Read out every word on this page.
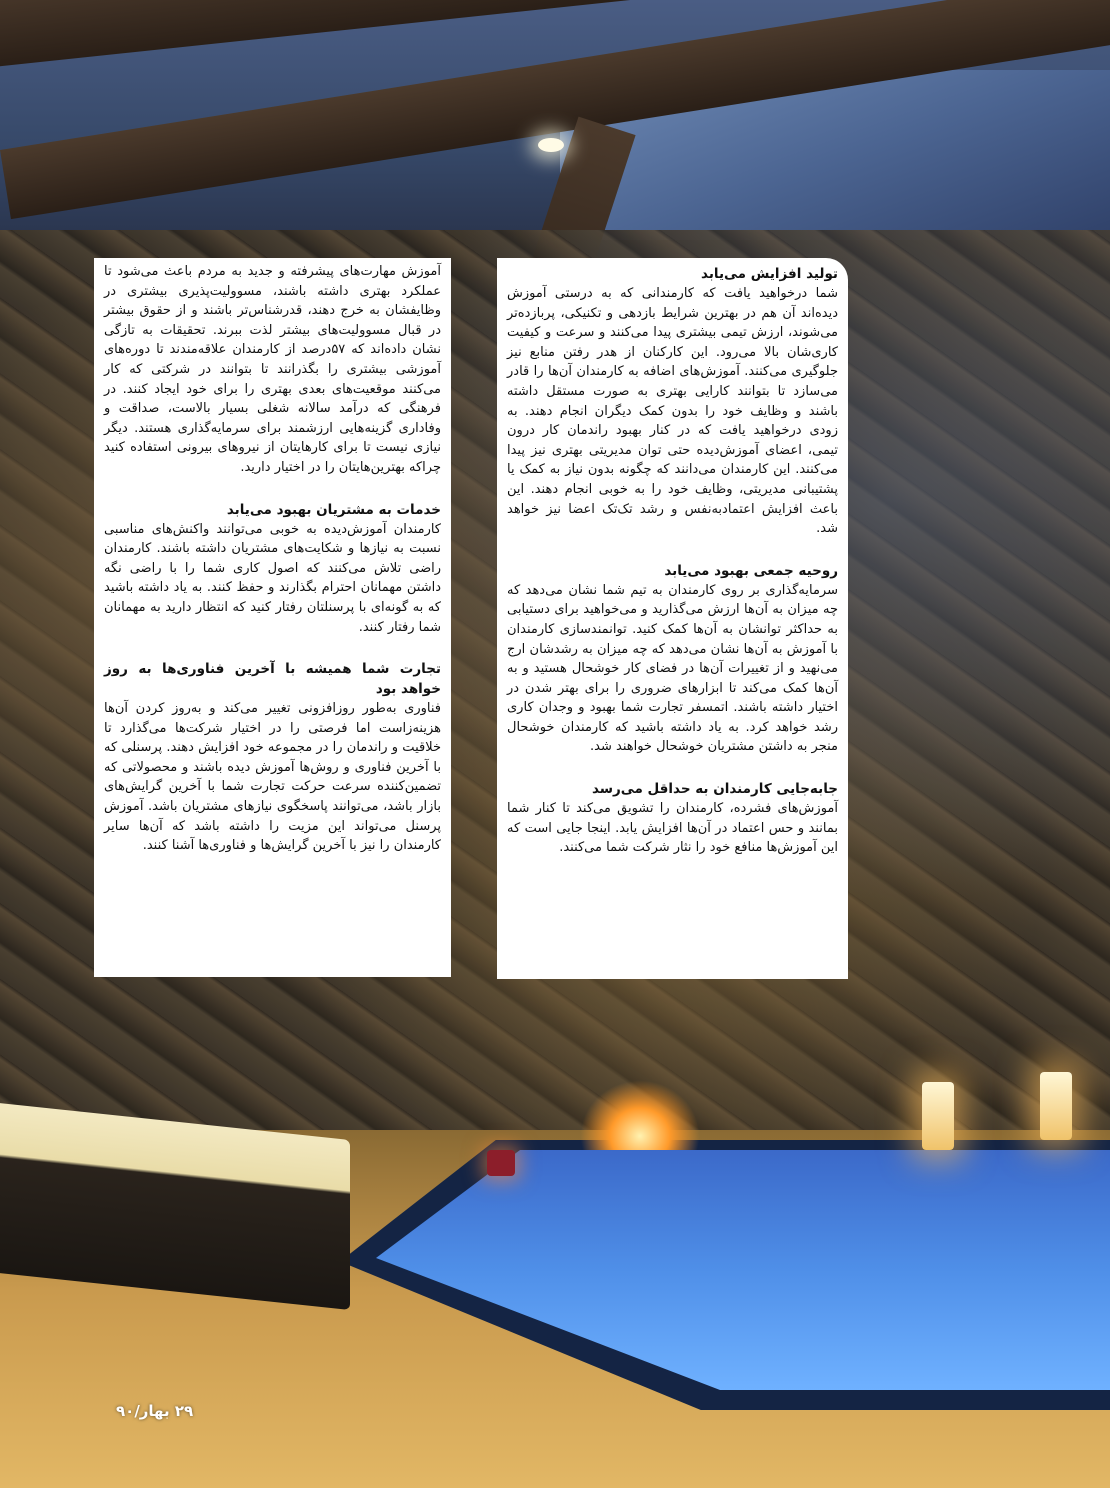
تولید افزایش می‌یابد

شما درخواهید یافت که کارمندانی که به درستی آموزش دیده‌اند آن هم در بهترین شرایط بازدهی و تکنیکی، پربازده‌تر می‌شوند، ارزش تیمی بیشتری پیدا می‌کنند و سرعت و کیفیت کاری‌شان بالا می‌رود. این کارکنان از هدر رفتن منابع نیز جلوگیری می‌کنند. آموزش‌های اضافه به کارمندان آن‌ها را قادر می‌سازد تا بتوانند کارایی بهتری به صورت مستقل داشته باشند و وظایف خود را بدون کمک دیگران انجام دهند. به زودی درخواهید یافت که در کنار بهبود راندمان کار درون تیمی، اعضای آموزش‌دیده حتی توان مدیریتی بهتری نیز پیدا می‌کنند. این کارمندان می‌دانند که چگونه بدون نیاز به کمک یا پشتیبانی مدیریتی، وظایف خود را به خوبی انجام دهند. این باعث افزایش اعتمادبه‌نفس و رشد تک‌تک اعضا نیز خواهد شد.

روحیه جمعی بهبود می‌یابد

سرمایه‌گذاری بر روی کارمندان به تیم شما نشان می‌دهد که چه میزان به آن‌ها ارزش می‌گذارید و می‌خواهید برای دستیابی به حداکثر توانشان به آن‌ها کمک کنید. توانمندسازی کارمندان با آموزش به آن‌ها نشان می‌دهد که چه میزان به رشدشان ارج می‌نهید و از تغییرات آن‌ها در فضای کار خوشحال هستید و به آن‌ها کمک می‌کند تا ابزارهای ضروری را برای بهتر شدن در اختیار داشته باشند. اتمسفر تجارت شما بهبود و وجدان کاری رشد خواهد کرد. به یاد داشته باشید که کارمندان خوشحال منجر به داشتن مشتریان خوشحال خواهند شد.

جابه‌جایی کارمندان به حداقل می‌رسد

آموزش‌های فشرده، کارمندان را تشویق می‌کند تا کنار شما بمانند و حس اعتماد در آن‌ها افزایش یابد. اینجا جایی است که این آموزش‌ها منافع خود را نثار شرکت شما می‌کنند.

آموزش مهارت‌های پیشرفته و جدید به مردم باعث می‌شود تا عملکرد بهتری داشته باشند، مسوولیت‌پذیری بیشتری در وظایفشان به خرج دهند، قدرشناس‌تر باشند و از حقوق بیشتر در قبال مسوولیت‌های بیشتر لذت ببرند. تحقیقات به تازگی نشان داده‌اند که ۵۷درصد از کارمندان علاقه‌مندند تا دوره‌های آموزشی بیشتری را بگذرانند تا بتوانند در شرکتی که کار می‌کنند موقعیت‌های بعدی بهتری را برای خود ایجاد کنند. در فرهنگی که درآمد سالانه شغلی بسیار بالاست، صداقت و وفاداری گزینه‌هایی ارزشمند برای سرمایه‌گذاری هستند. دیگر نیازی نیست تا برای کارهایتان از نیروهای بیرونی استفاده کنید چراکه بهترین‌هایتان را در اختیار دارید.

خدمات به مشتریان بهبود می‌یابد

کارمندان آموزش‌دیده به خوبی می‌توانند واکنش‌های مناسبی نسبت به نیازها و شکایت‌های مشتریان داشته باشند. کارمندان راضی تلاش می‌کنند که اصول کاری شما را با راضی نگه داشتن مهمانان احترام بگذارند و حفظ کنند. به یاد داشته باشید که به گونه‌ای با پرسنلتان رفتار کنید که انتظار دارید به مهمانان شما رفتار کنند.

تجارت شما همیشه با آخرین فناوری‌ها به روز خواهد بود

فناوری به‌طور روزافزونی تغییر می‌کند و به‌روز کردن آن‌ها هزینه‌زاست اما فرصتی را در اختیار شرکت‌ها می‌گذارد تا خلاقیت و راندمان را در مجموعه خود افزایش دهند. پرسنلی که با آخرین فناوری و روش‌ها آموزش دیده باشند و محصولاتی که تضمین‌کننده سرعت حرکت تجارت شما با آخرین گرایش‌های بازار باشد، می‌توانند پاسخگوی نیازهای مشتریان باشد. آموزش پرسنل می‌تواند این مزیت را داشته باشد که آن‌ها سایر کارمندان را نیز با آخرین گرایش‌ها و فناوری‌ها آشنا کنند.

۲۹ بهار/۹۰
